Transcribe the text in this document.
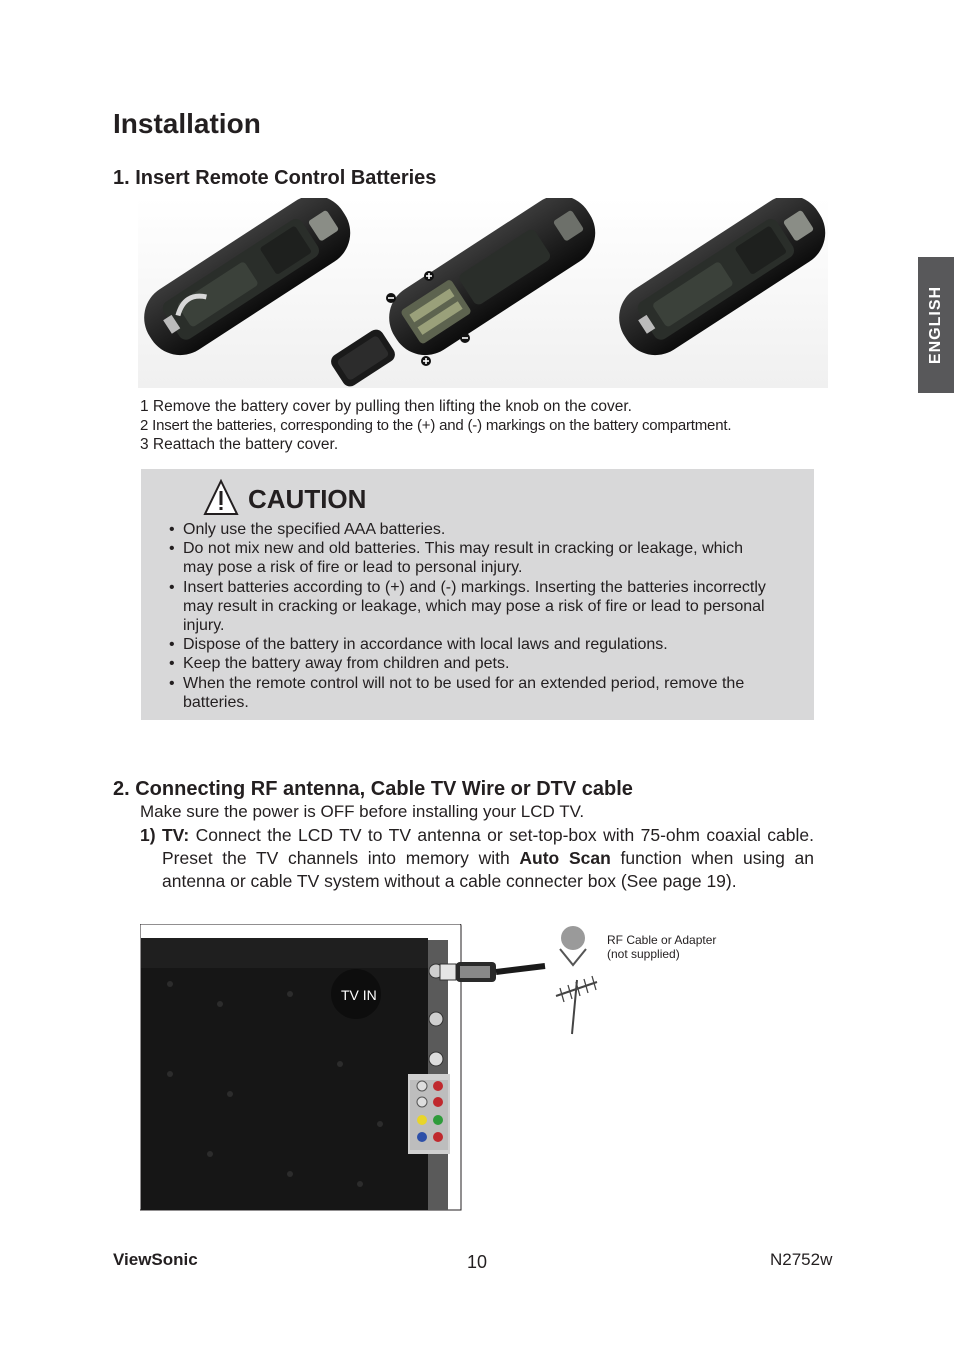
Installation
ENGLISH
1. Insert Remote Control Batteries
1 Remove the battery cover by pulling then lifting the knob on the cover.
2 Insert the batteries, corresponding to the (+) and (-) markings on the battery compartment.
3 Reattach the battery cover.
CAUTION
• Only use the specified AAA batteries.
• Do not mix new and old batteries. This may result in cracking or leakage, which may pose a risk of fire or lead to personal injury.
• Insert batteries according to (+) and (-) markings. Inserting the batteries incorrectly may result in cracking or leakage, which may pose a risk of fire or lead to personal injury.
• Dispose of the battery in accordance with local laws and regulations.
• Keep the battery away from children and pets.
• When the remote control will not to be used for an extended period, remove the batteries.
2. Connecting RF antenna, Cable TV Wire or DTV cable
Make sure the power is OFF before installing your LCD TV.

1) TV: Connect the LCD TV to TV antenna or set-top-box with 75-ohm coaxial cable. Preset the TV channels into memory with Auto Scan function when using an antenna or cable TV system without a cable connecter box (See page 19).

TV IN
RF Cable or Adapter
(not supplied)
ViewSonic	10	N2752w
